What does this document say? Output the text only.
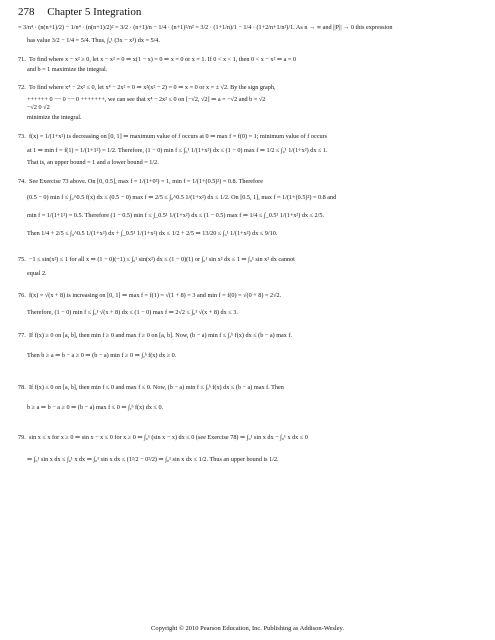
278 Chapter 5 Integration
= 3/n⁴ · (n(n+1)/2) − 1/n⁴ · (n(n+1)/2)² = 3/2 · (n+1)/n − 1/4 · (n+1)²/n² = 3/2 · (1+1/n)/1 − 1/4 · (1+2/n+1/n²)/1. As n → ∞ and ||P|| → 0 this expression
has value 3/2 − 1/4 = 5/4. Thus, ∫₀¹ (3x − x³) dx = 5/4.
71. To find where x − x² ≥ 0, let x − x² = 0 ⇒ x(1 − x) = 0 ⇒ x = 0 or x = 1. If 0 < x < 1, then 0 < x − x² ⇒ a = 0
and b = 1 maximize the integral.
72. To find where x⁴ − 2x² ≤ 0, let x⁴ − 2x² = 0 ⇒ x²(x² − 2) = 0 ⇒ x = 0 or x = ± √2. By the sign graph,
++++++ 0 −− 0 −− 0 +++++++, we can see that x⁴ − 2x² ≤ 0 on [−√2, √2] ⇒ a = −√2 and b = √2
−√2 0 √2
minimize the integral.
73. f(x) = 1/(1+x²) is decreasing on [0, 1] ⇒ maximum value of f occurs at 0 ⇒ max f = f(0) = 1; minimum value of f occurs
at 1 ⇒ min f = f(1) = 1/(1+1²) = 1/2. Therefore, (1 − 0) min f ≤ ∫₀¹ 1/(1+x²) dx ≤ (1 − 0) max f ⇒ 1/2 ≤ ∫₀¹ 1/(1+x²) dx ≤ 1.
That is, an upper bound = 1 and a lower bound = 1/2.
74. See Exercise 73 above. On [0, 0.5], max f = 1/(1+0²) = 1, min f = 1/(1+(0.5)²) = 0.8. Therefore
(0.5 − 0) min f ≤ ∫₀^0.5 f(x) dx ≤ (0.5 − 0) max f ⇒ 2/5 ≤ ∫₀^0.5 1/(1+x²) dx ≤ 1/2. On [0.5, 1], max f = 1/(1+(0.5)²) = 0.8 and
min f = 1/(1+1²) = 0.5. Therefore (1 − 0.5) min f ≤ ∫_0.5¹ 1/(1+x²) dx ≤ (1 − 0.5) max f ⇒ 1/4 ≤ ∫_0.5¹ 1/(1+x²) dx ≤ 2/5.
Then 1/4 + 2/5 ≤ ∫₀^0.5 1/(1+x²) dx + ∫_0.5¹ 1/(1+x²) dx ≤ 1/2 + 2/5 ⇒ 13/20 ≤ ∫₀¹ 1/(1+x²) dx ≤ 9/10.
75. −1 ≤ sin(x²) ≤ 1 for all x ⇒ (1 − 0)(−1) ≤ ∫₀¹ sin(x²) dx ≤ (1 − 0)(1) or ∫₀¹ sin x² dx ≤ 1 ⇒ ∫₀¹ sin x² dx cannot
equal 2.
76. f(x) = √(x + 8) is increasing on [0, 1] ⇒ max f = f(1) = √(1 + 8) = 3 and min f = f(0) = √(0 + 8) = 2√2.
Therefore, (1 − 0) min f ≤ ∫₀¹ √(x + 8) dx ≤ (1 − 0) max f ⇒ 2√2 ≤ ∫₀¹ √(x + 8) dx ≤ 3.
77. If f(x) ≥ 0 on [a, b], then min f ≥ 0 and max f ≥ 0 on [a, b]. Now, (b − a) min f ≤ ∫ₐᵇ f(x) dx ≤ (b − a) max f.
Then b ≥ a ⇒ b − a ≥ 0 ⇒ (b − a) min f ≥ 0 ⇒ ∫ₐᵇ f(x) dx ≥ 0.
78. If f(x) ≤ 0 on [a, b], then min f ≤ 0 and max f ≤ 0. Now, (b − a) min f ≤ ∫ₐᵇ f(x) dx ≤ (b − a) max f. Then
b ≥ a ⇒ b − a ≥ 0 ⇒ (b − a) max f ≤ 0 ⇒ ∫ₐᵇ f(x) dx ≤ 0.
79. sin x ≤ x for x ≥ 0 ⇒ sin x − x ≤ 0 for x ≥ 0 ⇒ ∫₀¹ (sin x − x) dx ≤ 0 (see Exercise 78) ⇒ ∫₀¹ sin x dx − ∫₀¹ x dx ≤ 0
⇒ ∫₀¹ sin x dx ≤ ∫₀¹ x dx ⇒ ∫₀¹ sin x dx ≤ (1²/2 − 0²/2) ⇒ ∫₀¹ sin x dx ≤ 1/2. Thus an upper bound is 1/2.
Copyright © 2010 Pearson Education, Inc. Publishing as Addison-Wesley.
